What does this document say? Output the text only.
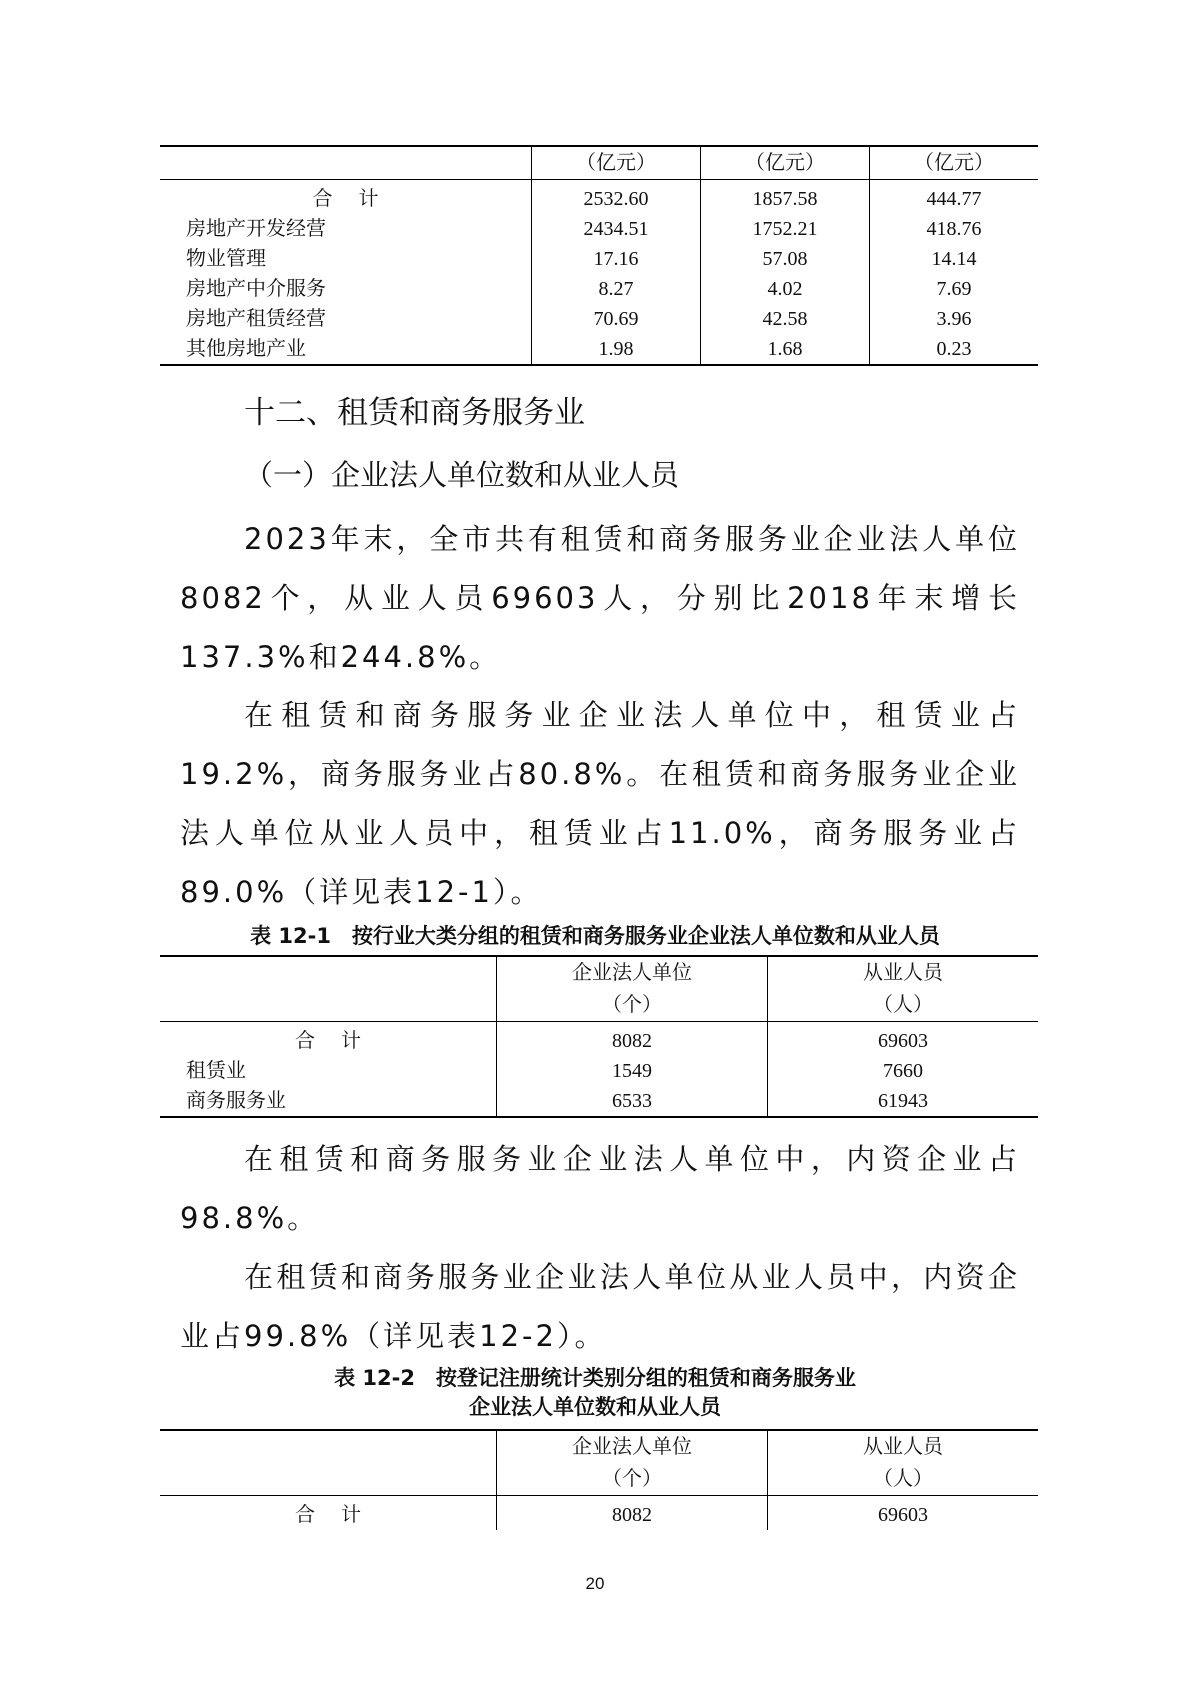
	（亿元）	（亿元）	（亿元）
合计	2532.60	1857.58	444.77
房地产开发经营	2434.51	1752.21	418.76
物业管理	17.16	57.08	14.14
房地产中介服务	8.27	4.02	7.69
房地产租赁经营	70.69	42.58	3.96
其他房地产业	1.98	1.68	0.23
十二、租赁和商务服务业
（一）企业法人单位数和从业人员

2023年末，全市共有租赁和商务服务业企业法人单位8082个，从业人员69603人，分别比2018年末增长137.3%和244.8%。

在租赁和商务服务业企业法人单位中，租赁业占19.2%，商务服务业占80.8%。在租赁和商务服务业企业法人单位从业人员中，租赁业占11.0%，商务服务业占89.0%（详见表12-1）。

表 12-1　按行业大类分组的租赁和商务服务业企业法人单位数和从业人员
	企业法人单位	从业人员
	（个）	（人）
合计	8082	69603
租赁业	1549	7660
商务服务业	6533	61943

在租赁和商务服务业企业法人单位中，内资企业占98.8%。

在租赁和商务服务业企业法人单位从业人员中，内资企业占99.8%（详见表12-2）。

表 12-2　按登记注册统计类别分组的租赁和商务服务业
企业法人单位数和从业人员
	企业法人单位	从业人员
	（个）	（人）
合计	8082	69603
20
